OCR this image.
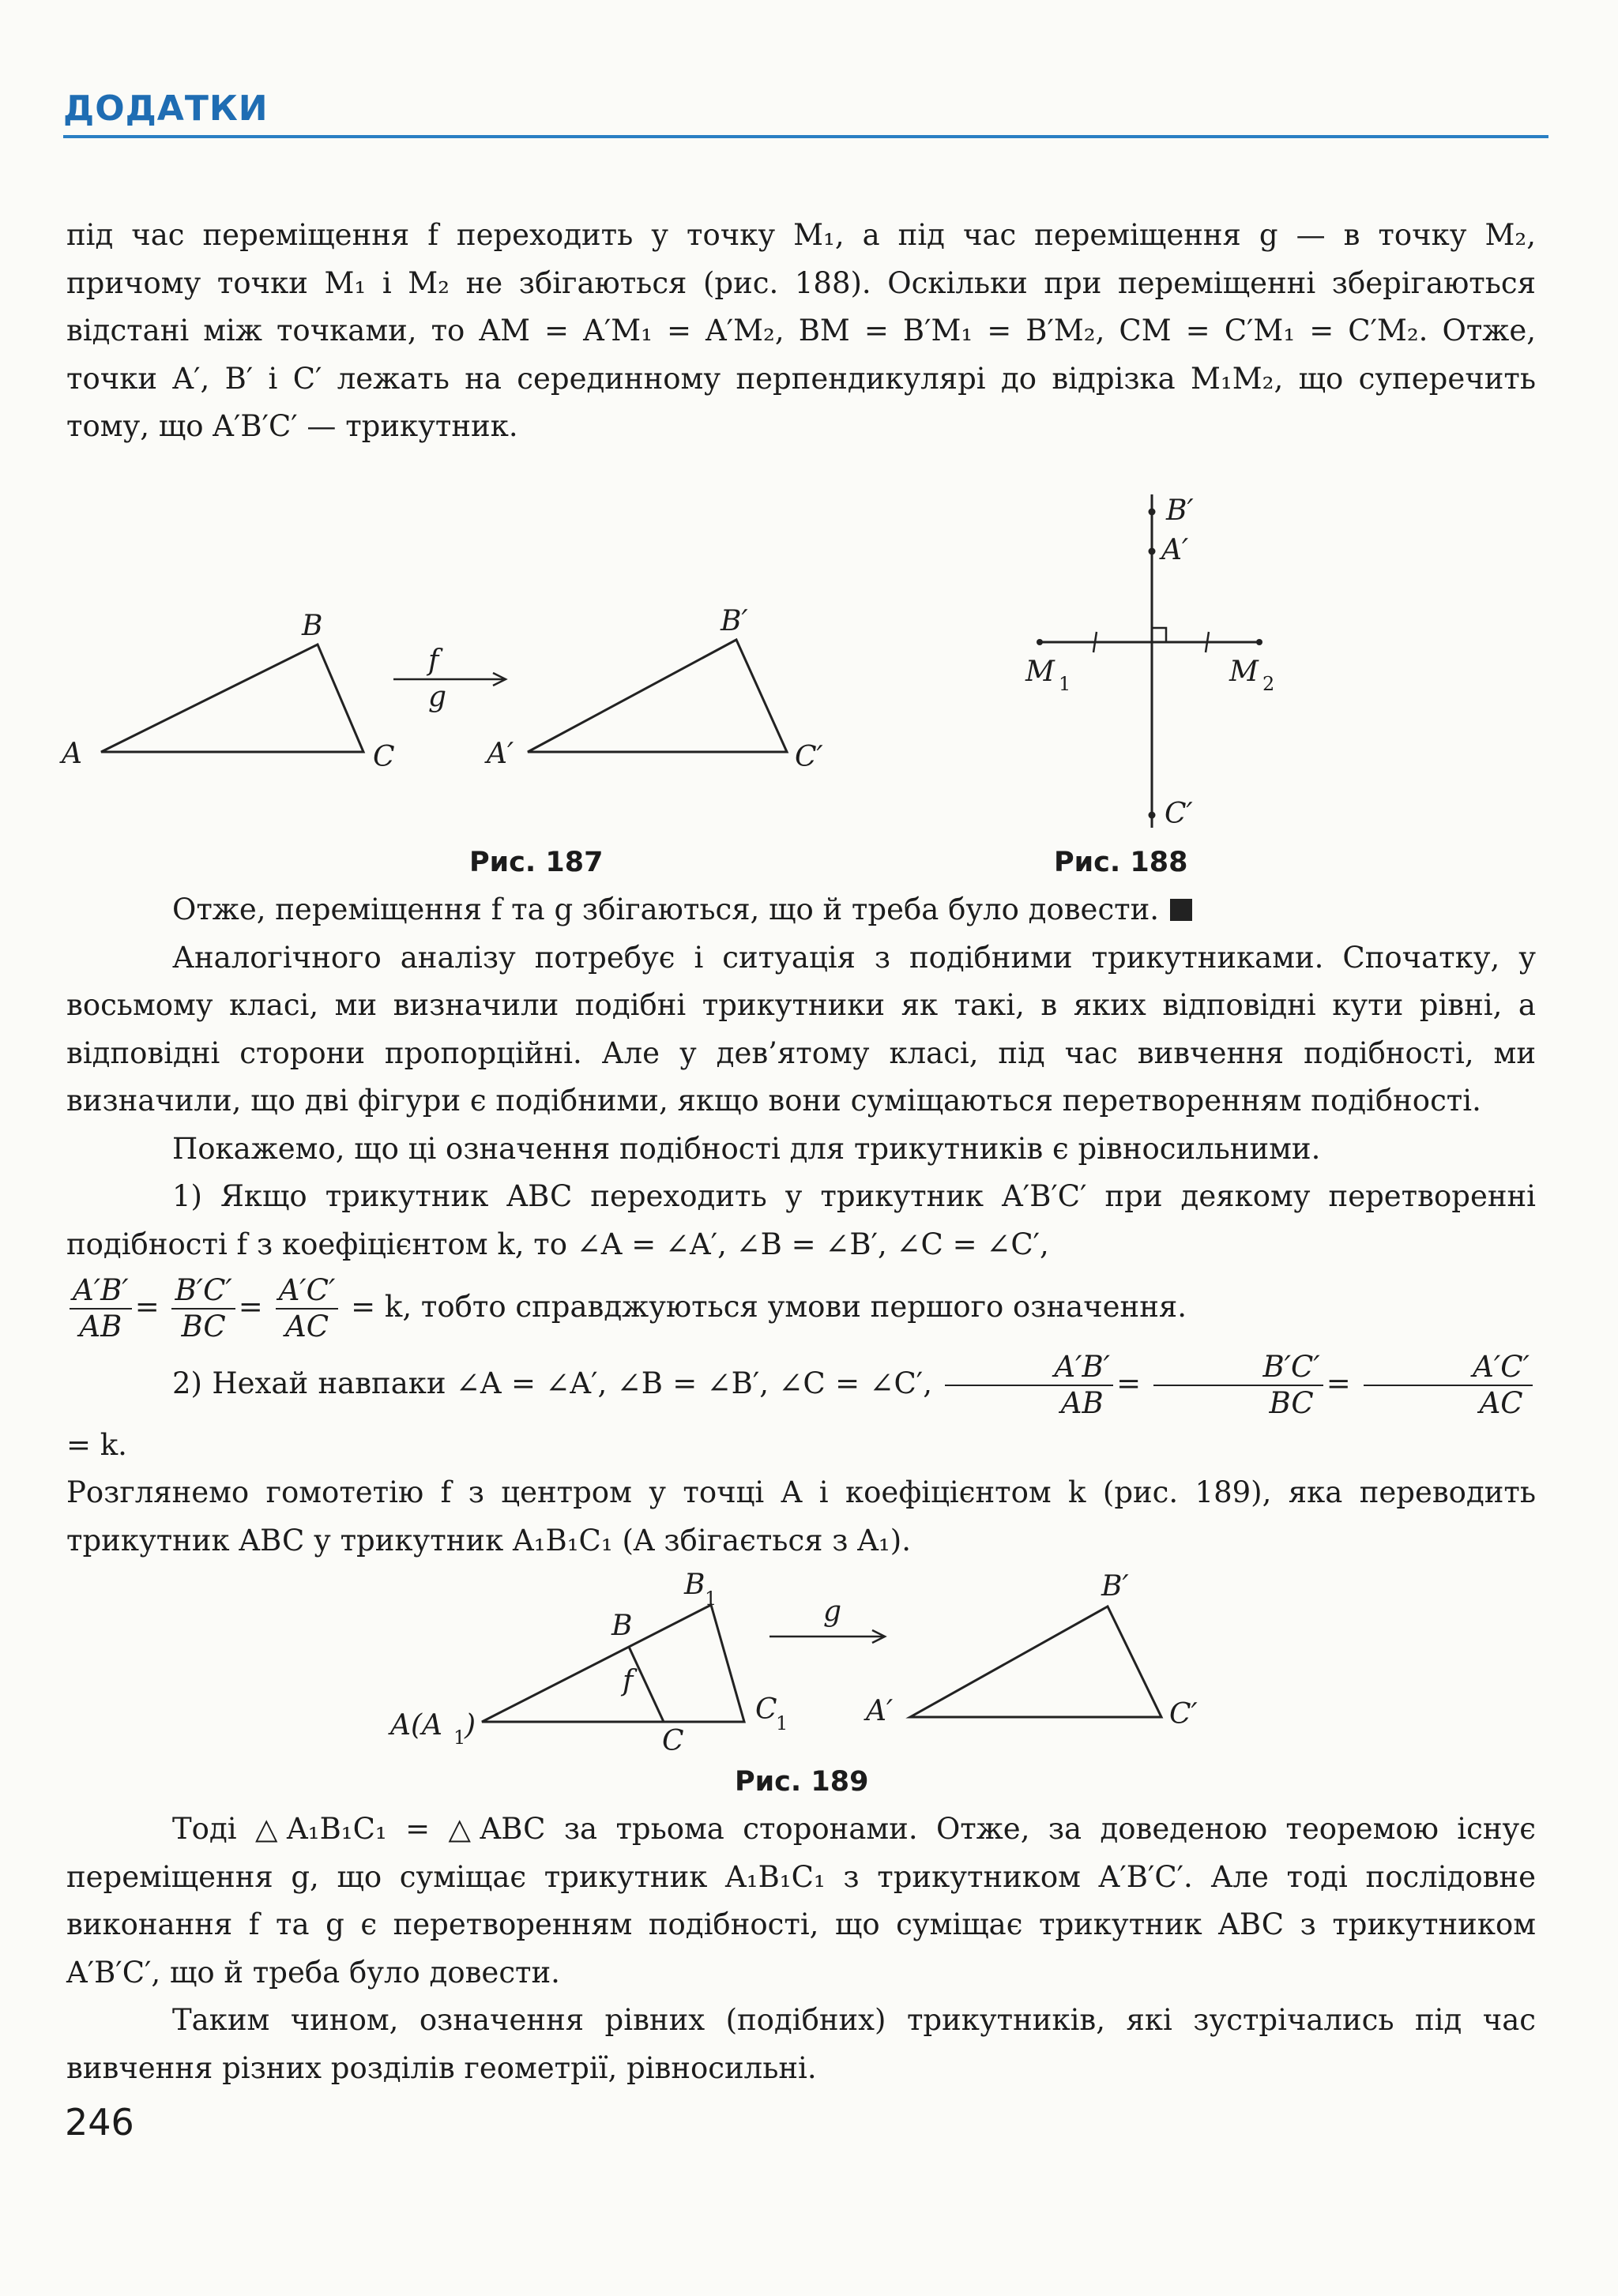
ДОДАТКИ

під час переміщення f переходить у точку M₁, а під час переміщення g — в точку M₂, причому точки M₁ і M₂ не збігаються (рис. 188). Оскільки при переміщенні зберігаються відстані між точками, то AM = A′M₁ = A′M₂, BM = B′M₁ = B′M₂, CM = C′M₁ = C′M₂. Отже, точки A′, B′ і C′ лежать на серединному перпендикулярі до відрізка M₁M₂, що суперечить тому, що A′B′C′ — трикутник.

A
B
C
f
g
A′
B′
C′
Рис. 187
B′
A′
C′
M 1	M 2
Рис. 188

Отже, переміщення f та g збігаються, що й треба було довести.

Аналогічного аналізу потребує і ситуація з подібними трикутниками. Спочатку, у восьмому класі, ми визначили подібні трикутники як такі, в яких відповідні кути рівні, а відповідні сторони пропорційні. Але у дев’ятому класі, під час вивчення подібності, ми визначили, що дві фігури є подібними, якщо вони суміщаються перетворенням подібності.

Покажемо, що ці означення подібності для трикутників є рівносильними.

1) Якщо трикутник ABC переходить у трикутник A′B′C′ при деякому перетворенні подібності f з коефіцієнтом k, то ∠A = ∠A′, ∠B = ∠B′, ∠C = ∠C′,

$\frac{A'B'}{AB} = \frac{B'C'}{BC} = \frac{A'C'}{AC} = k$, тобто справджуються умови першого означення.

2) Нехай навпаки ∠A = ∠A′, ∠B = ∠B′, ∠C = ∠C′, $\frac{A'B'}{AB} = \frac{B'C'}{BC} = \frac{A'C'}{AC}$
= k.

Розглянемо гомотетію f з центром у точці A і коефіцієнтом k (рис. 189), яка переводить трикутник ABC у трикутник A₁B₁C₁ (A збігається з A₁).

A(A 1
)
B
B 1
C
C
1
f
g
A′
B′
C′
Рис. 189

Тоді △A₁B₁C₁ = △ABC за трьома сторонами. Отже, за доведеною теоремою існує переміщення g, що суміщає трикутник A₁B₁C₁ з трикутником A′B′C′. Але тоді послідовне виконання f та g є перетворенням подібності, що суміщає трикутник ABC з трикутником A′B′C′, що й треба було довести.

Таким чином, означення рівних (подібних) трикутників, які зустрічались під час вивчення різних розділів геометрії, рівносильні.

246
